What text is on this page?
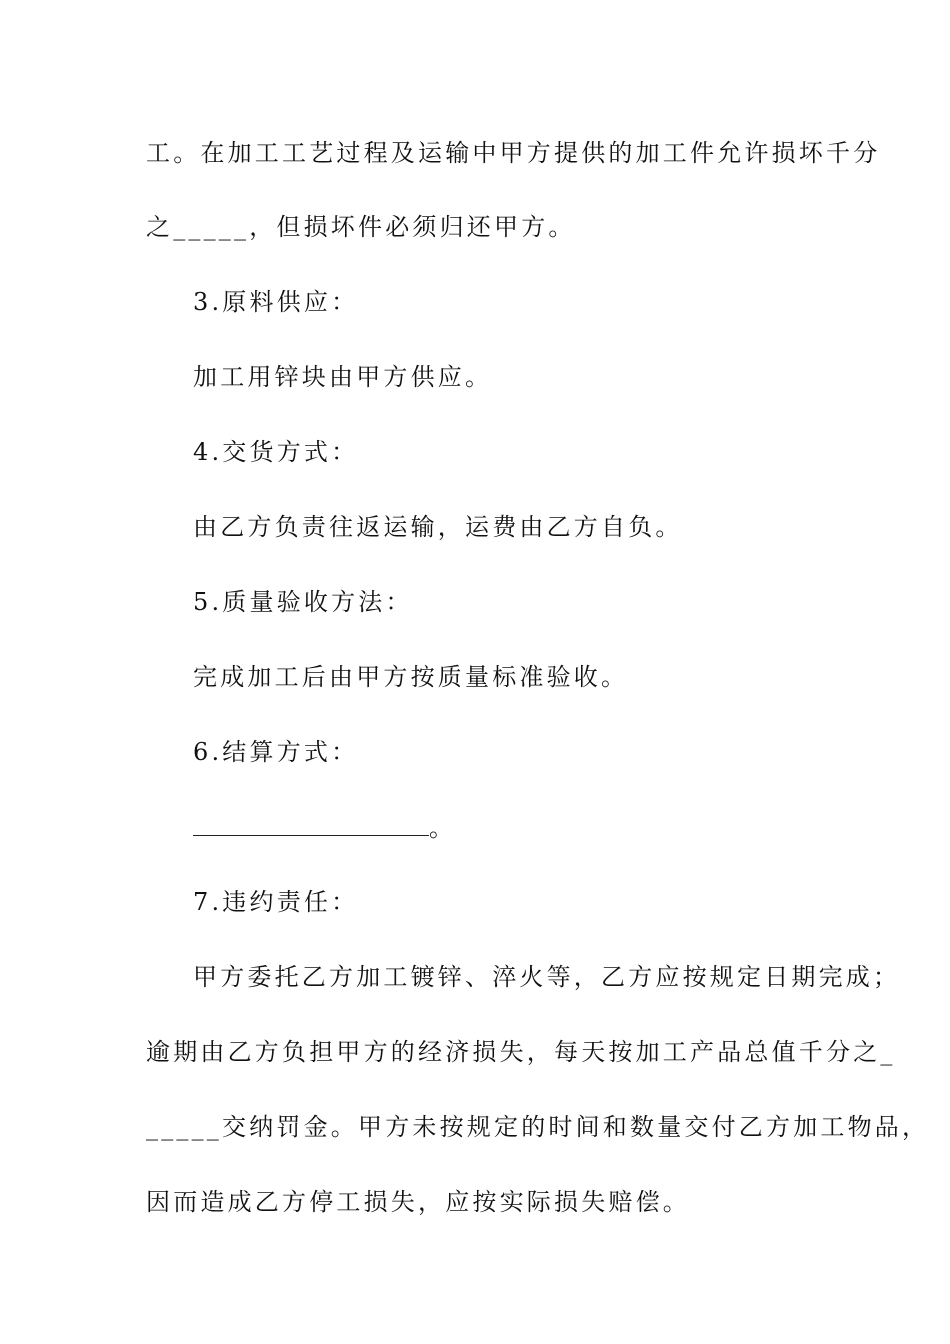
工。在加工工艺过程及运输中甲方提供的加工件允许损坏千分
之_____，但损坏件必须归还甲方。
3.原料供应：
加工用锌块由甲方供应。
4.交货方式：
由乙方负责往返运输，运费由乙方自负。
5.质量验收方法：
完成加工后由甲方按质量标准验收。
6.结算方式：
。
7.违约责任：
甲方委托乙方加工镀锌、淬火等，乙方应按规定日期完成；
逾期由乙方负担甲方的经济损失，每天按加工产品总值千分之_
_____交纳罚金。甲方未按规定的时间和数量交付乙方加工物品，
因而造成乙方停工损失，应按实际损失赔偿。
